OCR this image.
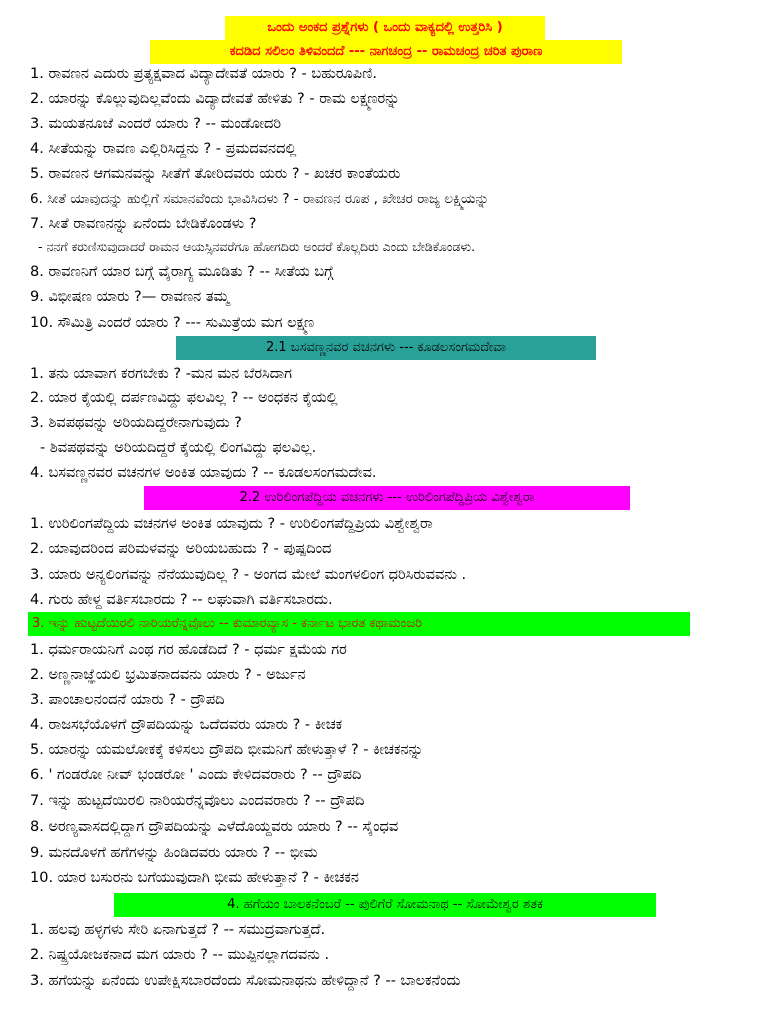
ಒಂದು ಅಂಕದ ಪ್ರಶ್ನೆಗಳು ( ಒಂದು ವಾಕ್ಯದಲ್ಲಿ ಉತ್ತರಿಸಿ )
ಕದಡಿದ ಸಲಿಲಂ ತಿಳಿವಂದದೆ --- ನಾಗಚಂದ್ರ -- ರಾಮಚಂದ್ರ ಚರಿತ ಪುರಾಣ
1. ರಾವಣನ ಎದುರು ಪ್ರತ್ಯಕ್ಷವಾದ ವಿದ್ಯಾದೇವತೆ ಯಾರು ? - ಬಹುರೂಪಿಣಿ.
2. ಯಾರನ್ನು ಕೊಲ್ಲುವುದಿಲ್ಲವೆಂದು ವಿದ್ಯಾದೇವತೆ ಹೇಳಿತು ? - ರಾಮ ಲಕ್ಷ್ಮಣರನ್ನು
3. ಮಯತನೂಜೆ ಎಂದರೆ ಯಾರು ? -- ಮಂಡೋದರಿ
4. ಸೀತೆಯನ್ನು ರಾವಣ ಎಲ್ಲಿರಿಸಿದ್ದನು ? - ಪ್ರಮದವನದಲ್ಲಿ
5. ರಾವಣನ ಆಗಮನವನ್ನು ಸೀತೆಗೆ ತೋರಿದವರು ಯರು ? - ಖಚರ ಕಾಂತೆಯರು
6. ಸೀತೆ ಯಾವುದನ್ನು ಹುಲ್ಲಿಗೆ ಸಮಾನವೆಂದು ಭಾವಿಸಿದಳು ? - ರಾವಣನ ರೂಪ , ಖೇಚರ ರಾಜ್ಯ ಲಕ್ಷ್ಮಿಯನ್ನು
7. ಸೀತೆ ರಾವಣನನ್ನು ಏನೆಂದು ಬೇಡಿಕೊಂಡಳು ?
- ನನಗೆ ಕರುಣಿಸುವುದಾದರೆ ರಾಮನ ಆಯಸ್ಸಿನವರೆಗೂ ಹೋಗದಿರು ಅಂದರೆ ಕೊಲ್ಲದಿರು ಎಂದು ಬೇಡಿಕೊಂಡಳು.
8. ರಾವಣನಿಗೆ ಯಾರ ಬಗ್ಗೆ ವೈರಾಗ್ಯ ಮೂಡಿತು ? -- ಸೀತೆಯ ಬಗ್ಗೆ
9. ವಿಭೀಷಣ ಯಾರು ?— ರಾವಣನ ತಮ್ಮ
10. ಸೌಮಿತ್ರಿ ಎಂದರೆ ಯಾರು ? --- ಸುಮಿತ್ರೆಯ ಮಗ ಲಕ್ಷ್ಮಣ
2.1 ಬಸವಣ್ಣನವರ ವಚನಗಳು --- ಕೂಡಲಸಂಗಮದೇವಾ
1. ತನು ಯಾವಾಗ ಕರಗಬೇಕು ? -ಮನ ಮನ ಬೆರಸಿದಾಗ
2. ಯಾರ ಕೈಯಲ್ಲಿ ದರ್ಪಣವಿದ್ದು ಫಲವಿಲ್ಲ ? -- ಅಂಧಕನ ಕೈಯಲ್ಲಿ
3. ಶಿವಪಥವನ್ನು ಅರಿಯದಿದ್ದರೇನಾಗುವುದು ?
- ಶಿವಪಥವನ್ನು ಅರಿಯದಿದ್ದರೆ ಕೈಯಲ್ಲಿ ಲಿಂಗವಿದ್ದು ಫಲವಿಲ್ಲ.
4. ಬಸವಣ್ಣನವರ ವಚನಗಳ ಅಂಕಿತ ಯಾವುದು ? -- ಕೂಡಲಸಂಗಮದೇವ.
2.2 ಉರಿಲಿಂಗಪೆದ್ದಿಯ ವಚನಗಳು --- ಉರಿಲಿಂಗಪೆದ್ದಿಪ್ರಿಯ ವಿಶ್ವೇಶ್ವರಾ
1. ಉರಿಲಿಂಗಪೆದ್ದಿಯ ವಚನಗಳ ಅಂಕಿತ ಯಾವುದು ? - ಉರಿಲಿಂಗಪೆದ್ದಿಪ್ರಿಯ ವಿಶ್ವೇಶ್ವರಾ
2. ಯಾವುದರಿಂದ ಪರಿಮಳವನ್ನು ಅರಿಯಬಹುದು ? - ಪುಷ್ಪದಿಂದ
3. ಯಾರು ಅನ್ಯಲಿಂಗವನ್ನು ನೆನೆಯುವುದಿಲ್ಲ ? - ಅಂಗದ ಮೇಲೆ ಮಂಗಳಲಿಂಗ ಧರಿಸಿರುವವನು .
4. ಗುರು ಹೇಳ್ದ ವರ್ತಿಸಬಾರದು ? -- ಲಘುವಾಗಿ ವರ್ತಿಸಬಾರದು.
3. ಇನ್ನು ಹುಟ್ಟದೆಯಿರಲಿ ನಾರಿಯರೆನ್ನವೊಲು -- ಕುಮಾರವ್ಯಾಸ - ಕರ್ನಾಟ ಭಾರತ ಕಥಾಮಂಜರಿ
1. ಧರ್ಮರಾಯನಿಗೆ ಎಂಥ ಗರ ಹೊಡೆದಿದೆ ? - ಧರ್ಮ ಕ್ಷಮೆಯ ಗರ
2. ಅಣ್ಣನಾಜ್ಞೆಯಲಿ ಭ್ರಮಿತನಾದವನು ಯಾರು ? - ಅರ್ಜುನ
3. ಪಾಂಚಾಲನಂದನೆ ಯಾರು ? - ದ್ರೌಪದಿ
4. ರಾಜಸಭೆಯೊಳಗೆ ದ್ರೌಪದಿಯನ್ನು ಒದೆದವರು ಯಾರು ? - ಕೀಚಕ
5. ಯಾರನ್ನು ಯಮಲೋಕಕ್ಕೆ ಕಳಿಸಲು ದ್ರೌಪದಿ ಭೀಮನಿಗೆ ಹೇಳುತ್ತಾಳೆ ? - ಕೀಚಕನನ್ನು
6. ' ಗಂಡರೋ ನೀವ್ ಭಂಡರೋ ' ಎಂದು ಕೇಳಿದವರಾರು ? -- ದ್ರೌಪದಿ
7. ಇನ್ನು ಹುಟ್ಟದೆಯಿರಲಿ ನಾರಿಯರೆನ್ನವೊಲು ಎಂದವರಾರು ? -- ದ್ರೌಪದಿ
8. ಅರಣ್ಯವಾಸದಲ್ಲಿದ್ದಾಗ ದ್ರೌಪದಿಯನ್ನು ಎಳೆದೊಯ್ದವರು ಯಾರು ? -- ಸೈಂಧವ
9. ಮನದೊಳಗೆ ಹಗೆಗಳನ್ನು ಹಿಂಡಿದವರು ಯಾರು ? -- ಭೀಮ
10. ಯಾರ ಬಸುರನು ಬಗೆಯುವುದಾಗಿ ಭೀಮ ಹೇಳುತ್ತಾನೆ ? - ಕೀಚಕನ
4. ಹಗೆಯಂ ಬಾಲಕನೆಂಬರೆ -- ಪುಲಿಗೆರೆ ಸೋಮನಾಥ -- ಸೋಮೇಶ್ವರ ಶತಕ
1. ಹಲವು ಹಳ್ಳಗಳು ಸೇರಿ ಏನಾಗುತ್ತದೆ ? -- ಸಮುದ್ರವಾಗುತ್ತದೆ.
2. ನಿಷ್ಪ್ರಯೋಜಕನಾದ ಮಗ ಯಾರು ? -- ಮುಪ್ಪಿನಲ್ಲಾಗದವನು .
3. ಹಗೆಯನ್ನು ಏನೆಂದು ಉಪೇಕ್ಷಿಸಬಾರದೆಂದು ಸೋಮನಾಥನು ಹೇಳಿದ್ದಾನೆ ? -- ಬಾಲಕನೆಂದು
